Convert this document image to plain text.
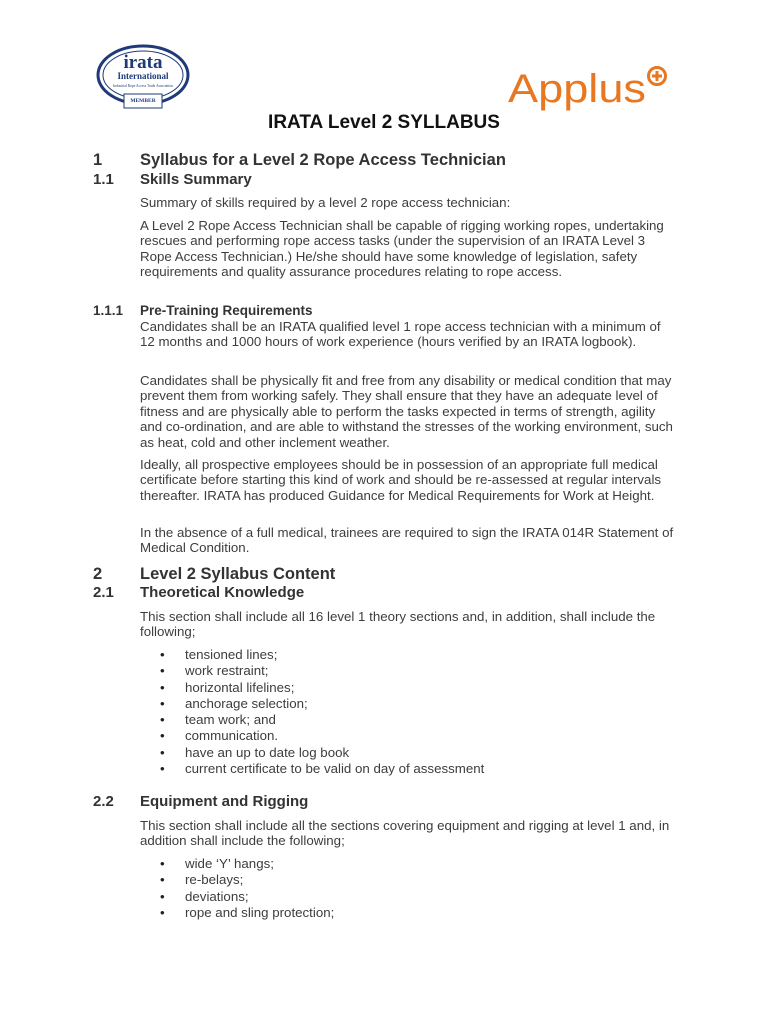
irata
International
Industrial Rope Access Trade Association
MEMBER	Applus
IRATA Level 2 SYLLABUS
1 Syllabus for a Level 2 Rope Access Technician
1.1 Skills Summary

Summary of skills required by a level 2 rope access technician:

A Level 2 Rope Access Technician shall be capable of rigging working ropes, undertaking rescues and performing rope access tasks (under the supervision of an IRATA Level 3 Rope Access Technician.) He/she should have some knowledge of legislation, safety requirements and quality assurance procedures relating to rope access.

1.1.1 Pre-Training Requirements

Candidates shall be an IRATA qualified level 1 rope access technician with a minimum of 12 months and 1000 hours of work experience (hours verified by an IRATA logbook).

Candidates shall be physically fit and free from any disability or medical condition that may prevent them from working safely. They shall ensure that they have an adequate level of fitness and are physically able to perform the tasks expected in terms of strength, agility and co-ordination, and are able to withstand the stresses of the working environment, such as heat, cold and other inclement weather.

Ideally, all prospective employees should be in possession of an appropriate full medical certificate before starting this kind of work and should be re-assessed at regular intervals thereafter. IRATA has produced Guidance for Medical Requirements for Work at Height.

In the absence of a full medical, trainees are required to sign the IRATA 014R Statement of Medical Condition.

2 Level 2 Syllabus Content
2.1 Theoretical Knowledge

This section shall include all 16 level 1 theory sections and, in addition, shall include the following;

• tensioned lines;
• work restraint;
• horizontal lifelines;
• anchorage selection;
• team work; and
• communication.
• have an up to date log book
• current certificate to be valid on day of assessment
2.2 Equipment and Rigging

This section shall include all the sections covering equipment and rigging at level 1 and, in addition shall include the following;

• wide ‘Y’ hangs;
• re-belays;
• deviations;
• rope and sling protection;
